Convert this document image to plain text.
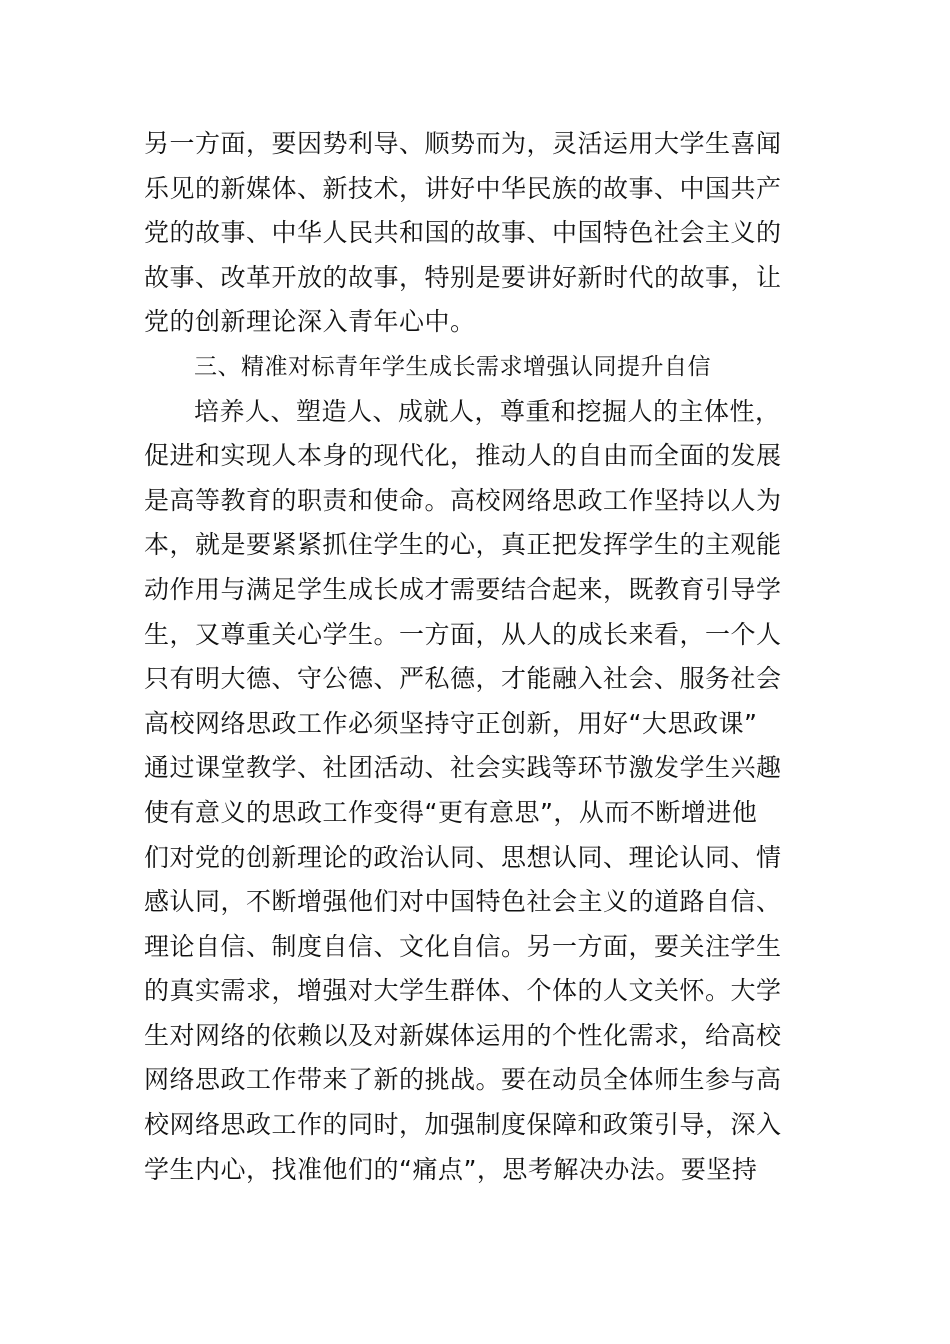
另一方面，要因势利导、顺势而为，灵活运用大学生喜闻
乐见的新媒体、新技术，讲好中华民族的故事、中国共产
党的故事、中华人民共和国的故事、中国特色社会主义的
故事、改革开放的故事，特别是要讲好新时代的故事，让
党的创新理论深入青年心中。
三、精准对标青年学生成长需求增强认同提升自信
培养人、塑造人、成就人，尊重和挖掘人的主体性，
促进和实现人本身的现代化，推动人的自由而全面的发展
是高等教育的职责和使命。高校网络思政工作坚持以人为
本，就是要紧紧抓住学生的心，真正把发挥学生的主观能
动作用与满足学生成长成才需要结合起来，既教育引导学
生，又尊重关心学生。一方面，从人的成长来看，一个人
只有明大德、守公德、严私德，才能融入社会、服务社会
高校网络思政工作必须坚持守正创新，用好“大思政课”
通过课堂教学、社团活动、社会实践等环节激发学生兴趣
使有意义的思政工作变得“更有意思”，从而不断增进他
们对党的创新理论的政治认同、思想认同、理论认同、情
感认同，不断增强他们对中国特色社会主义的道路自信、
理论自信、制度自信、文化自信。另一方面，要关注学生
的真实需求，增强对大学生群体、个体的人文关怀。大学
生对网络的依赖以及对新媒体运用的个性化需求，给高校
网络思政工作带来了新的挑战。要在动员全体师生参与高
校网络思政工作的同时，加强制度保障和政策引导，深入
学生内心，找准他们的“痛点”，思考解决办法。要坚持
